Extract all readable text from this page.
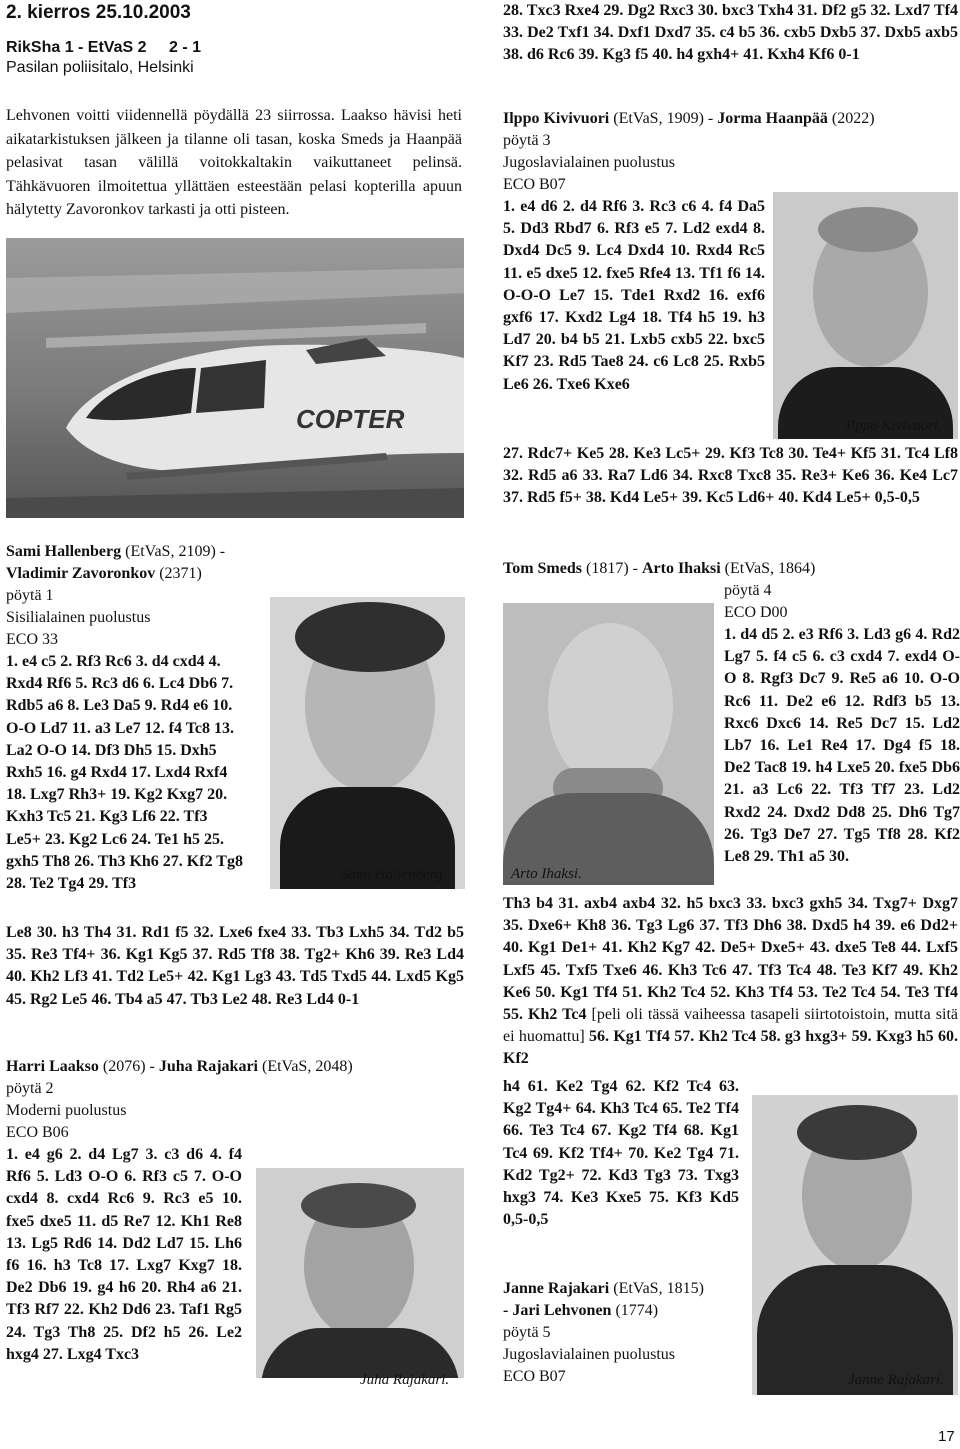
2. kierros 25.10.2003
RikSha 1 - EtVaS 2 2 - 1
Pasilan poliisitalo, Helsinki

Lehvonen voitti viidennellä pöydällä 23 siirrossa. Laakso hävisi heti aikatarkistuksen jälkeen ja tilanne oli tasan, koska Smeds ja Haanpää pelasivat tasan välillä voitokkaltakin vaikuttaneet pelinsä. Tähkävuoren ilmoitettua yllättäen esteestään pelasi kopterilla apuun hälytetty Zavoronkov tarkasti ja otti pisteen.

COPTER
Sami Hallenberg (EtVaS, 2109) -
Vladimir Zavoronkov (2371)
pöytä 1
Sisilialainen puolustus
ECO 33
1. e4 c5 2. Rf3 Rc6 3. d4 cxd4 4. Rxd4 Rf6 5. Rc3 d6 6. Lc4 Db6 7. Rdb5 a6 8. Le3 Da5 9. Rd4 e6 10. O-O Ld7 11. a3 Le7 12. f4 Tc8 13. La2 O-O 14. Df3 Dh5 15. Dxh5 Rxh5 16. g4 Rxd4 17. Lxd4 Rxf4 18. Lxg7 Rh3+ 19. Kg2 Kxg7 20. Kxh3 Tc5 21. Kg3 Lf6 22. Tf3 Le5+ 23. Kg2 Lc6 24. Te1 h5 25. gxh5 Th8 26. Th3 Kh6 27. Kf2 Tg8 28. Te2 Tg4 29. Tf3
Sami Hallenberg.
Le8 30. h3 Th4 31. Rd1 f5 32. Lxe6 fxe4 33. Tb3 Lxh5 34. Td2 b5 35. Re3 Tf4+ 36. Kg1 Kg5 37. Rd5 Tf8 38. Tg2+ Kh6 39. Re3 Ld4 40. Kh2 Lf3 41. Td2 Le5+ 42. Kg1 Lg3 43. Td5 Txd5 44. Lxd5 Kg5 45. Rg2 Le5 46. Tb4 a5 47. Tb3 Le2 48. Re3 Ld4 0-1
Harri Laakso (2076) - Juha Rajakari (EtVaS, 2048)
pöytä 2
Moderni puolustus
ECO B06
1. e4 g6 2. d4 Lg7 3. c3 d6 4. f4 Rf6 5. Ld3 O-O 6. Rf3 c5 7. O-O cxd4 8. cxd4 Rc6 9. Rc3 e5 10. fxe5 dxe5 11. d5 Re7 12. Kh1 Re8 13. Lg5 Rd6 14. Dd2 Ld7 15. Lh6 f6 16. h3 Tc8 17. Lxg7 Kxg7 18. De2 Db6 19. g4 h6 20. Rh4 a6 21. Tf3 Rf7 22. Kh2 Dd6 23. Taf1 Rg5 24. Tg3 Th8 25. Df2 h5 26. Le2 hxg4 27. Lxg4 Txc3
Juha Rajakari.
28. Txc3 Rxe4 29. Dg2 Rxc3 30. bxc3 Txh4 31. Df2 g5 32. Lxd7 Tf4 33. De2 Txf1 34. Dxf1 Dxd7 35. c4 b5 36. cxb5 Dxb5 37. Dxb5 axb5 38. d6 Rc6 39. Kg3 f5 40. h4 gxh4+ 41. Kxh4 Kf6 0-1
Ilppo Kivivuori (EtVaS, 1909) - Jorma Haanpää (2022)
pöytä 3
Jugoslavialainen puolustus
ECO B07
1. e4 d6 2. d4 Rf6 3. Rc3 c6 4. f4 Da5 5. Dd3 Rbd7 6. Rf3 e5 7. Ld2 exd4 8. Dxd4 Dc5 9. Lc4 Dxd4 10. Rxd4 Rc5 11. e5 dxe5 12. fxe5 Rfe4 13. Tf1 f6 14. O-O-O Le7 15. Tde1 Rxd2 16. exf6 gxf6 17. Kxd2 Lg4 18. Tf4 h5 19. h3 Ld7 20. b4 b5 21. Lxb5 cxb5 22. bxc5 Kf7 23. Rd5 Tae8 24. c6 Lc8 25. Rxb5 Le6 26. Txe6 Kxe6
Ilppo Kivivuori.
27. Rdc7+ Ke5 28. Ke3 Lc5+ 29. Kf3 Tc8 30. Te4+ Kf5 31. Tc4 Lf8 32. Rd5 a6 33. Ra7 Ld6 34. Rxc8 Txc8 35. Re3+ Ke6 36. Ke4 Lc7 37. Rd5 f5+ 38. Kd4 Le5+ 39. Kc5 Ld6+ 40. Kd4 Le5+ 0,5-0,5
Tom Smeds (1817) - Arto Ihaksi (EtVaS, 1864)
Arto Ihaksi.
pöytä 4
ECO D00
1. d4 d5 2. e3 Rf6 3. Ld3 g6 4. Rd2 Lg7 5. f4 c5 6. c3 cxd4 7. exd4 O-O 8. Rgf3 Dc7 9. Re5 a6 10. O-O Rc6 11. De2 e6 12. Rdf3 b5 13. Rxc6 Dxc6 14. Re5 Dc7 15. Ld2 Lb7 16. Le1 Re4 17. Dg4 f5 18. De2 Tac8 19. h4 Lxe5 20. fxe5 Db6 21. a3 Lc6 22. Tf3 Tf7 23. Ld2 Rxd2 24. Dxd2 Dd8 25. Dh6 Tg7 26. Tg3 De7 27. Tg5 Tf8 28. Kf2 Le8 29. Th1 a5 30.
Th3 b4 31. axb4 axb4 32. h5 bxc3 33. bxc3 gxh5 34. Txg7+ Dxg7 35. Dxe6+ Kh8 36. Tg3 Lg6 37. Tf3 Dh6 38. Dxd5 h4 39. e6 Dd2+ 40. Kg1 De1+ 41. Kh2 Kg7 42. De5+ Dxe5+ 43. dxe5 Te8 44. Lxf5 Lxf5 45. Txf5 Txe6 46. Kh3 Tc6 47. Tf3 Tc4 48. Te3 Kf7 49. Kh2 Ke6 50. Kg1 Tf4 51. Kh2 Tc4 52. Kh3 Tf4 53. Te2 Tc4 54. Te3 Tf4 55. Kh2 Tc4 [peli oli tässä vaiheessa tasapeli siirtotoistoin, mutta sitä ei huomattu] 56. Kg1 Tf4 57. Kh2 Tc4 58. g3 hxg3+ 59. Kxg3 h5 60. Kf2
h4 61. Ke2 Tg4 62. Kf2 Tc4 63. Kg2 Tg4+ 64. Kh3 Tc4 65. Te2 Tf4 66. Te3 Tc4 67. Kg2 Tf4 68. Kg1 Tc4 69. Kf2 Tf4+ 70. Ke2 Tg4 71. Kd2 Tg2+ 72. Kd3 Tg3 73. Txg3 hxg3 74. Ke3 Kxe5 75. Kf3 Kd5 0,5-0,5
Janne Rajakari (EtVaS, 1815)
- Jari Lehvonen (1774)
pöytä 5
Jugoslavialainen puolustus
ECO B07	Janne Rajakari.
17
